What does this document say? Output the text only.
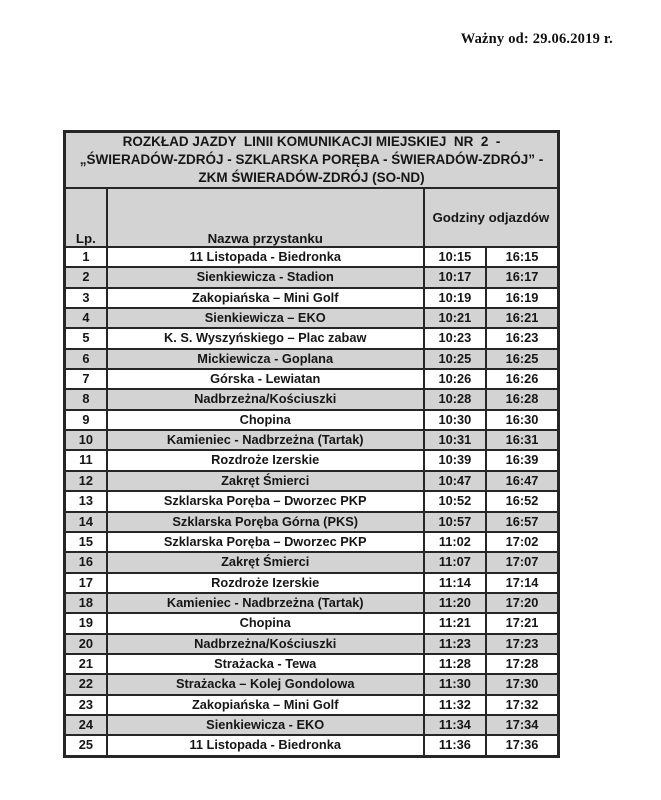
Ważny od: 29.06.2019 r.
ROZKŁAD JAZDY  LINII KOMUNIKACJI MIEJSKIEJ  NR  2  -
„ŚWIERADÓW-ZDRÓJ - SZKLARSKA PORĘBA - ŚWIERADÓW-ZDRÓJ” -
ZKM ŚWIERADÓW-ZDRÓJ (SO-ND)			

Lp.	Nazwa przystanku	Godziny odjazdów	
1	11 Listopada - Biedronka	10:15	16:15
2	Sienkiewicza - Stadion	10:17	16:17
3	Zakopiańska – Mini Golf	10:19	16:19
4	Sienkiewicza – EKO	10:21	16:21
5	K. S. Wyszyńskiego – Plac zabaw	10:23	16:23
6	Mickiewicza - Goplana	10:25	16:25
7	Górska - Lewiatan	10:26	16:26
8	Nadbrzeżna/Kościuszki	10:28	16:28
9	Chopina	10:30	16:30
10	Kamieniec - Nadbrzeżna (Tartak)	10:31	16:31
11	Rozdroże Izerskie	10:39	16:39
12	Zakręt Śmierci	10:47	16:47
13	Szklarska Poręba – Dworzec PKP	10:52	16:52
14	Szklarska Poręba Górna (PKS)	10:57	16:57
15	Szklarska Poręba – Dworzec PKP	11:02	17:02
16	Zakręt Śmierci	11:07	17:07
17	Rozdroże Izerskie	11:14	17:14
18	Kamieniec - Nadbrzeżna (Tartak)	11:20	17:20
19	Chopina	11:21	17:21
20	Nadbrzeżna/Kościuszki	11:23	17:23
21	Strażacka - Tewa	11:28	17:28
22	Strażacka – Kolej Gondolowa	11:30	17:30
23	Zakopiańska – Mini Golf	11:32	17:32
24	Sienkiewicza - EKO	11:34	17:34
25	11 Listopada - Biedronka	11:36	17:36
